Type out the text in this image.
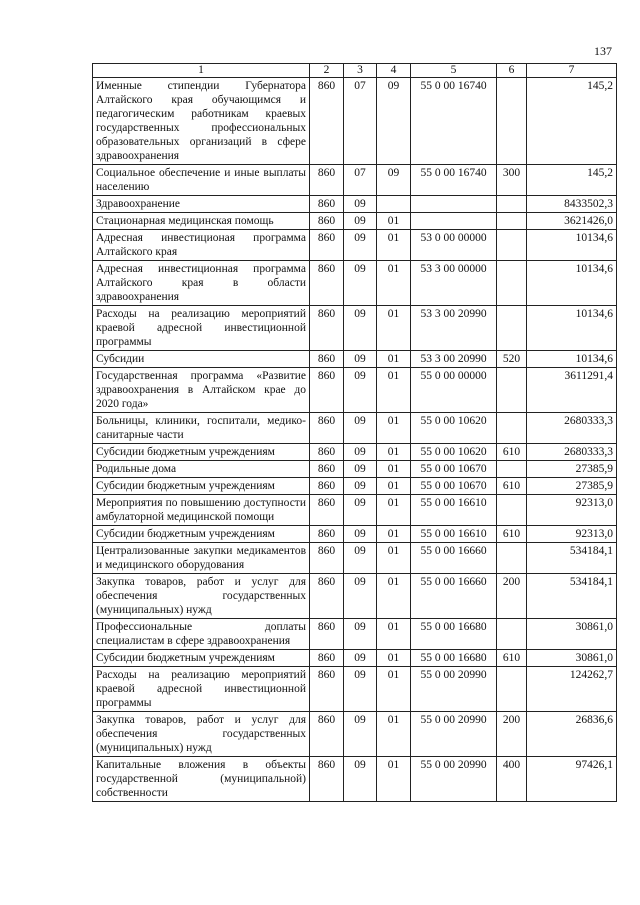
137
1	2	3	4	5	6	7
Именные стипендии Губернатора Алтайского края обучающимся и педагогическим работникам краевых государственных профессиональных образовательных организаций в сфере здравоохранения	860	07	09	55 0 00 16740		145,2
Социальное обеспечение и иные выплаты населению	860	07	09	55 0 00 16740	300	145,2
Здравоохранение	860	09				8433502,3
Стационарная медицинская помощь	860	09	01			3621426,0
Адресная инвестиционая программа Алтайского края	860	09	01	53 0 00 00000		10134,6
Адресная инвестиционная программа Алтайского края в области здравоохранения	860	09	01	53 3 00 00000		10134,6
Расходы на реализацию мероприятий краевой адресной инвестиционной программы	860	09	01	53 3 00 20990		10134,6
Субсидии	860	09	01	53 3 00 20990	520	10134,6
Государственная программа «Развитие здравоохранения в Алтайском крае до 2020 года»	860	09	01	55 0 00 00000		3611291,4
Больницы, клиники, госпитали, медико-санитарные части	860	09	01	55 0 00 10620		2680333,3
Субсидии бюджетным учреждениям	860	09	01	55 0 00 10620	610	2680333,3
Родильные дома	860	09	01	55 0 00 10670		27385,9
Субсидии бюджетным учреждениям	860	09	01	55 0 00 10670	610	27385,9
Мероприятия по повышению доступности амбулаторной медицинской помощи	860	09	01	55 0 00 16610		92313,0
Субсидии бюджетным учреждениям	860	09	01	55 0 00 16610	610	92313,0
Централизованные закупки медикаментов и медицинского оборудования	860	09	01	55 0 00 16660		534184,1
Закупка товаров, работ и услуг для обеспечения государственных (муниципальных) нужд	860	09	01	55 0 00 16660	200	534184,1
Профессиональные доплаты специалистам в сфере здравоохранения	860	09	01	55 0 00 16680		30861,0
Субсидии бюджетным учреждениям	860	09	01	55 0 00 16680	610	30861,0
Расходы на реализацию мероприятий краевой адресной инвестиционной программы	860	09	01	55 0 00 20990		124262,7
Закупка товаров, работ и услуг для обеспечения государственных (муниципальных) нужд	860	09	01	55 0 00 20990	200	26836,6
Капитальные вложения в объекты государственной (муниципальной) собственности	860	09	01	55 0 00 20990	400	97426,1
